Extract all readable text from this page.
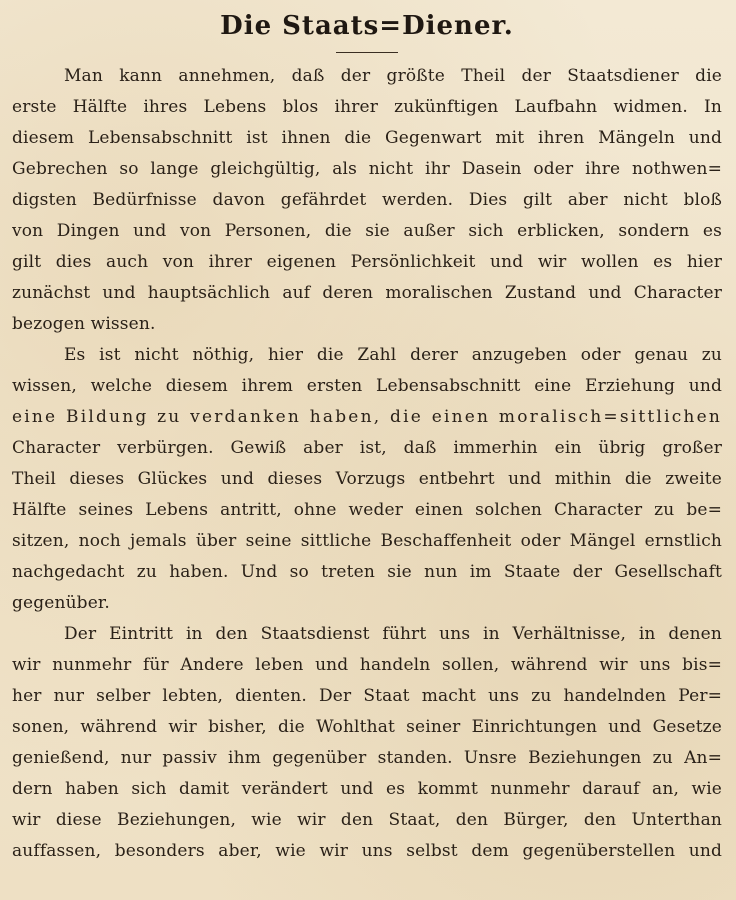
Die Staats=Diener.
Man kann annehmen, daß der größte Theil der Staatsdiener die
erste Hälfte ihres Lebens blos ihrer zukünftigen Laufbahn widmen. In
diesem Lebensabschnitt ist ihnen die Gegenwart mit ihren Mängeln und
Gebrechen so lange gleichgültig, als nicht ihr Dasein oder ihre nothwen=
digsten Bedürfnisse davon gefährdet werden. Dies gilt aber nicht bloß
von Dingen und von Personen, die sie außer sich erblicken, sondern es
gilt dies auch von ihrer eigenen Persönlichkeit und wir wollen es hier
zunächst und hauptsächlich auf deren moralischen Zustand und Character
bezogen wissen.
Es ist nicht nöthig, hier die Zahl derer anzugeben oder genau zu
wissen, welche diesem ihrem ersten Lebensabschnitt eine Erziehung und
eine Bildung zu verdanken haben, die einen moralisch=sittlichen
Character verbürgen. Gewiß aber ist, daß immerhin ein übrig großer
Theil dieses Glückes und dieses Vorzugs entbehrt und mithin die zweite
Hälfte seines Lebens antritt, ohne weder einen solchen Character zu be=
sitzen, noch jemals über seine sittliche Beschaffenheit oder Mängel ernstlich
nachgedacht zu haben. Und so treten sie nun im Staate der Gesellschaft
gegenüber.
Der Eintritt in den Staatsdienst führt uns in Verhältnisse, in denen
wir nunmehr für Andere leben und handeln sollen, während wir uns bis=
her nur selber lebten, dienten. Der Staat macht uns zu handelnden Per=
sonen, während wir bisher, die Wohlthat seiner Einrichtungen und Gesetze
genießend, nur passiv ihm gegenüber standen. Unsre Beziehungen zu An=
dern haben sich damit verändert und es kommt nunmehr darauf an, wie
wir diese Beziehungen, wie wir den Staat, den Bürger, den Unterthan
auffassen, besonders aber, wie wir uns selbst dem gegenüberstellen und
